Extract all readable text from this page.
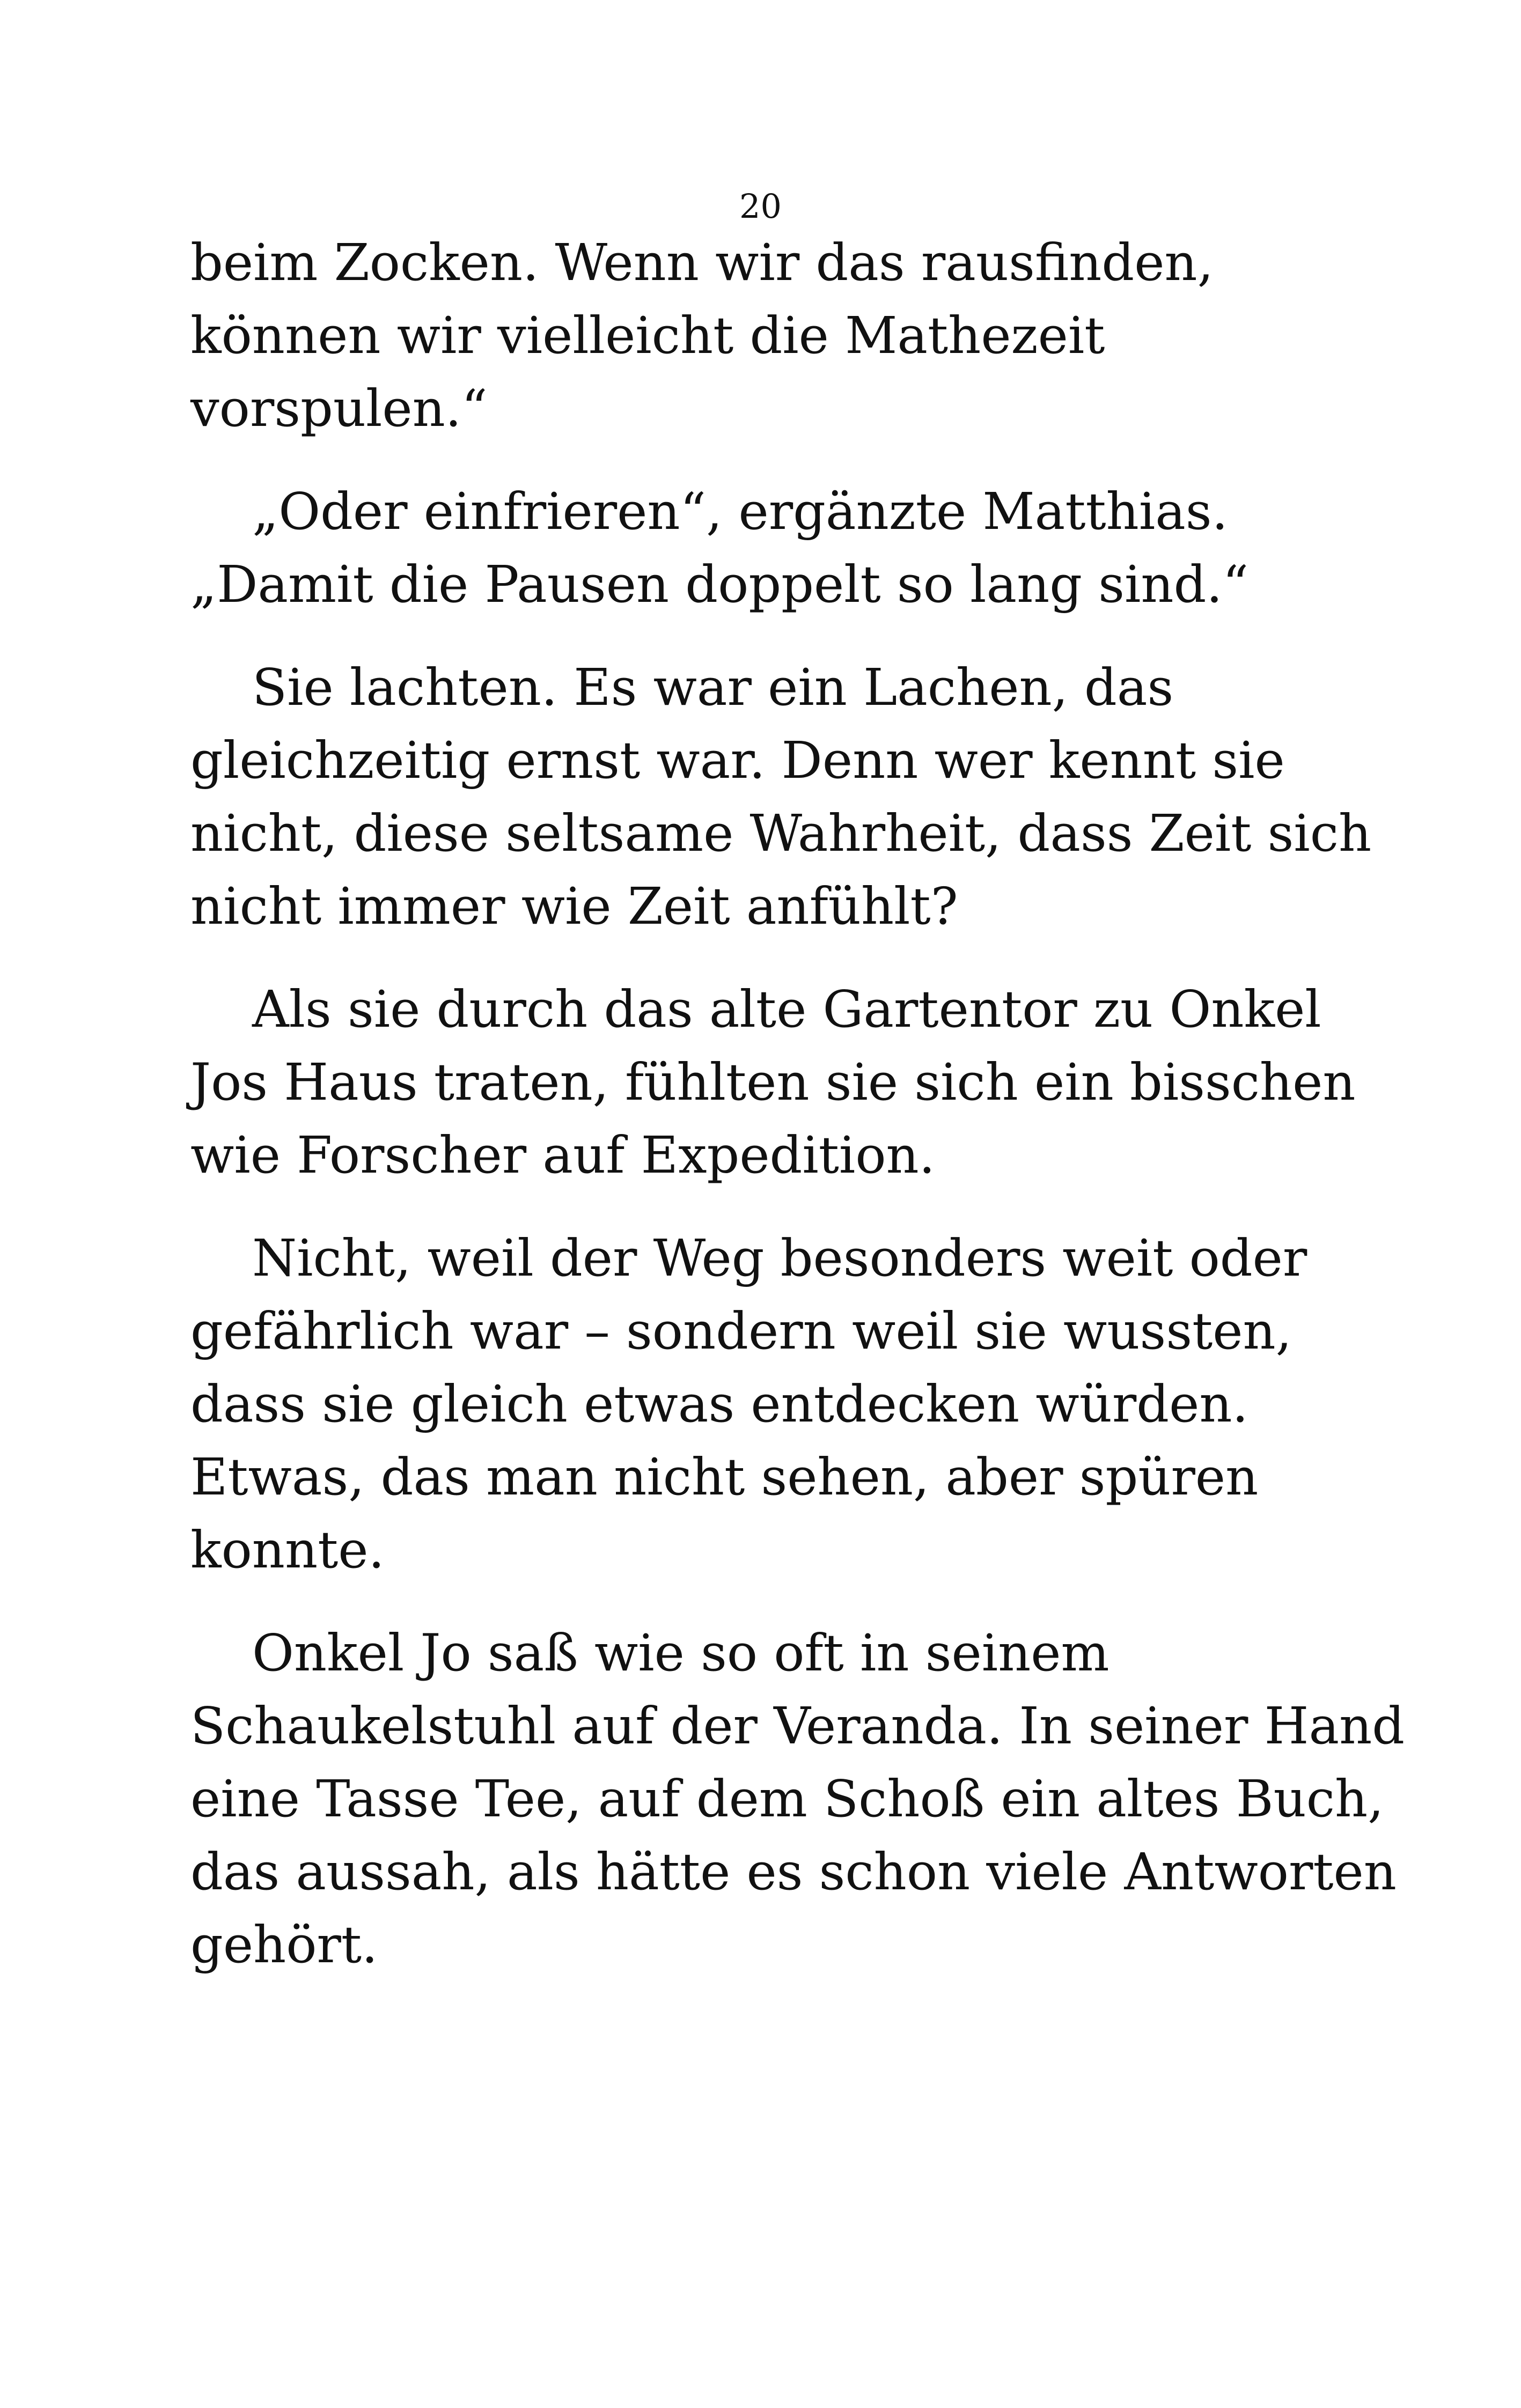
20
beim Zocken. Wenn wir das rausfinden,
können wir vielleicht die Mathezeit
vorspulen.“
„Oder einfrieren“, ergänzte Matthias.
„Damit die Pausen doppelt so lang sind.“
Sie lachten. Es war ein Lachen, das
gleichzeitig ernst war. Denn wer kennt sie
nicht, diese seltsame Wahrheit, dass Zeit sich
nicht immer wie Zeit anfühlt?
Als sie durch das alte Gartentor zu Onkel
Jos Haus traten, fühlten sie sich ein bisschen
wie Forscher auf Expedition.
Nicht, weil der Weg besonders weit oder
gefährlich war – sondern weil sie wussten,
dass sie gleich etwas entdecken würden.
Etwas, das man nicht sehen, aber spüren
konnte.
Onkel Jo saß wie so oft in seinem
Schaukelstuhl auf der Veranda. In seiner Hand
eine Tasse Tee, auf dem Schoß ein altes Buch,
das aussah, als hätte es schon viele Antworten
gehört.
